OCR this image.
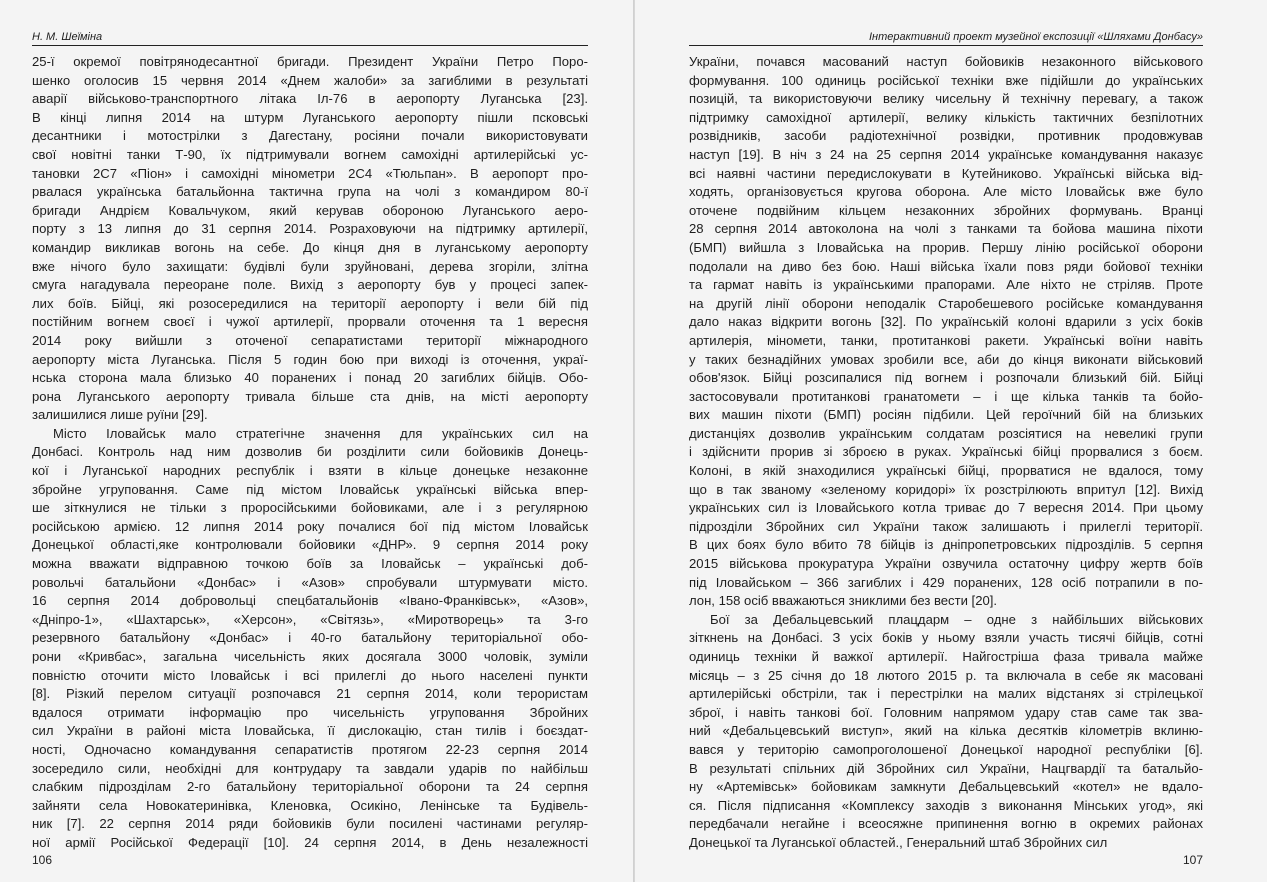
Н. М. Шеїміна
25-ї окремої повітрянодесантної бригади. Президент України Петро Поро-
шенко оголосив 15 червня 2014 «Днем жалоби» за загиблими в результаті
аварії військово-транспортного літака Іл-76 в аеропорту Луганська [23].
В кінці липня 2014 на штурм Луганського аеропорту пішли псковські
десантники і мотострілки з Дагестану, росіяни почали використовувати
свої новітні танки Т-90, їх підтримували вогнем самохідні артилерійські ус-
тановки 2С7 «Піон» і самохідні мінометри 2С4 «Тюльпан». В аеропорт про-
рвалася українська батальйонна тактична група на чолі з командиром 80-ї
бригади Андрієм Ковальчуком, який керував обороною Луганського аеро-
порту з 13 липня до 31 серпня 2014. Розраховуючи на підтримку артилерії,
командир викликав вогонь на себе. До кінця дня в луганському аеропорту
вже нічого було захищати: будівлі були зруйновані, дерева згоріли, злітна
смуга нагадувала переоране поле. Вихід з аеропорту був у процесі запек-
лих боїв. Бійці, які розосередилися на території аеропорту і вели бій під
постійним вогнем своєї і чужої артилерії, прорвали оточення та 1 вересня
2014 року вийшли з оточеної сепаратистами території міжнародного
аеропорту міста Луганська. Після 5 годин бою при виході із оточення, украї-
нська сторона мала близько 40 поранених і понад 20 загиблих бійців. Обо-
рона Луганського аеропорту тривала більше ста днів, на місті аеропорту
залишилися лише руїни [29].
Місто Іловайськ мало стратегічне значення для українських сил на
Донбасі. Контроль над ним дозволив би розділити сили бойовиків Донець-
кої і Луганської народних республік і взяти в кільце донецьке незаконне
збройне угруповання. Саме під містом Іловайськ українські війська впер-
ше зіткнулися не тільки з проросійськими бойовиками, але і з регулярною
російською армією. 12 липня 2014 року почалися бої під містом Іловайськ
Донецької області,яке контролювали бойовики «ДНР». 9 серпня 2014 року
можна вважати відправною точкою боїв за Іловайськ – українські доб-
ровольчі батальйони «Донбас» і «Азов» спробували штурмувати місто.
16 серпня 2014 добровольці спецбатальйонів «Івано-Франківськ», «Азов»,
«Дніпро-1», «Шахтарськ», «Херсон», «Світязь», «Миротворець» та 3-го
резервного батальйону «Донбас» і 40-го батальйону територіальної обо-
рони «Кривбас», загальна чисельність яких досягала 3000 чоловік, зуміли
повністю оточити місто Іловайськ і всі прилеглі до нього населені пункти
[8]. Різкий перелом ситуації розпочався 21 серпня 2014, коли терористам
вдалося отримати інформацію про чисельність угруповання Збройних
сил України в районі міста Іловайська, її дислокацію, стан тилів і боєздат-
ності, Одночасно командування сепаратистів протягом 22-23 серпня 2014
зосередило сили, необхідні для контрудару та завдали ударів по найбільш
слабким підрозділам 2-го батальйону територіальної оборони та 24 серпня
зайняти села Новокатеринівка, Кленовка, Осикіно, Ленінське та Будівель-
ник [7]. 22 серпня 2014 ряди бойовиків були посилені частинами регуляр-
ної армії Російської Федерації [10]. 24 серпня 2014, в День незалежності
106
Інтерактивний проект музейної експозиції «Шляхами Донбасу»
України, почався масований наступ бойовиків незаконного військового
формування. 100 одиниць російської техніки вже підійшли до українських
позицій, та використовуючи велику чисельну й технічну перевагу, а також
підтримку самохідної артилерії, велику кількість тактичних безпілотних
розвідників, засоби радіотехнічної розвідки, противник продовжував
наступ [19]. В ніч з 24 на 25 серпня 2014 українське командування наказує
всі наявні частини передислокувати в Кутейниково. Українські війська від-
ходять, організовується кругова оборона. Але місто Іловайськ вже було
оточене подвійним кільцем незаконних збройних формувань. Вранці
28 серпня 2014 автоколона на чолі з танками та бойова машина піхоти
(БМП) вийшла з Іловайська на прорив. Першу лінію російської оборони
подолали на диво без бою. Наші війська їхали повз ряди бойової техніки
та гармат навіть із українськими прапорами. Але ніхто не стріляв. Проте
на другій лінії оборони неподалік Старобешевого російське командування
дало наказ відкрити вогонь [32]. По українській колоні вдарили з усіх боків
артилерія, міномети, танки, протитанкові ракети. Українські воїни навіть
у таких безнадійних умовах зробили все, аби до кінця виконати військовий
обов'язок. Бійці розсипалися під вогнем і розпочали близький бій. Бійці
застосовували протитанкові гранатомети – і ще кілька танків та бойо-
вих машин піхоти (БМП) росіян підбили. Цей героїчний бій на близьких
дистанціях дозволив українським солдатам розсіятися на невеликі групи
і здійснити прорив зі зброєю в руках. Українські бійці прорвалися з боєм.
Колоні, в якій знаходилися українські бійці, прорватися не вдалося, тому
що в так званому «зеленому коридорі» їх розстрілюють впритул [12]. Вихід
українських сил із Іловайського котла триває до 7 вересня 2014. При цьому
підрозділи Збройних сил України також залишають і прилеглі території.
В цих боях було вбито 78 бійців із дніпропетровських підрозділів. 5 серпня
2015 військова прокуратура України озвучила остаточну цифру жертв боїв
під Іловайськом – 366 загиблих і 429 поранених, 128 осіб потрапили в по-
лон, 158 осіб вважаються зниклими без вести [20].
Бої за Дебальцевський плацдарм – одне з найбільших військових
зіткнень на Донбасі. З усіх боків у ньому взяли участь тисячі бійців, сотні
одиниць техніки й важкої артилерії. Найгостріша фаза тривала майже
місяць – з 25 січня до 18 лютого 2015 р. та включала в себе як масовані
артилерійські обстріли, так і перестрілки на малих відстанях зі стрілецької
зброї, і навіть танкові бої. Головним напрямом удару став саме так зва-
ний «Дебальцевський виступ», який на кілька десятків кілометрів вклиню-
вався у територію самопроголошеної Донецької народної республіки [6].
В результаті спільних дій Збройних сил України, Нацгвардії та батальйо-
ну «Артемівськ» бойовикам замкнути Дебальцевський «котел» не вдало-
ся. Після підписання «Комплексу заходів з виконання Мінських угод», які
передбачали негайне і всеосяжне припинення вогню в окремих районах
Донецької та Луганської областей., Генеральний штаб Збройних сил
107
